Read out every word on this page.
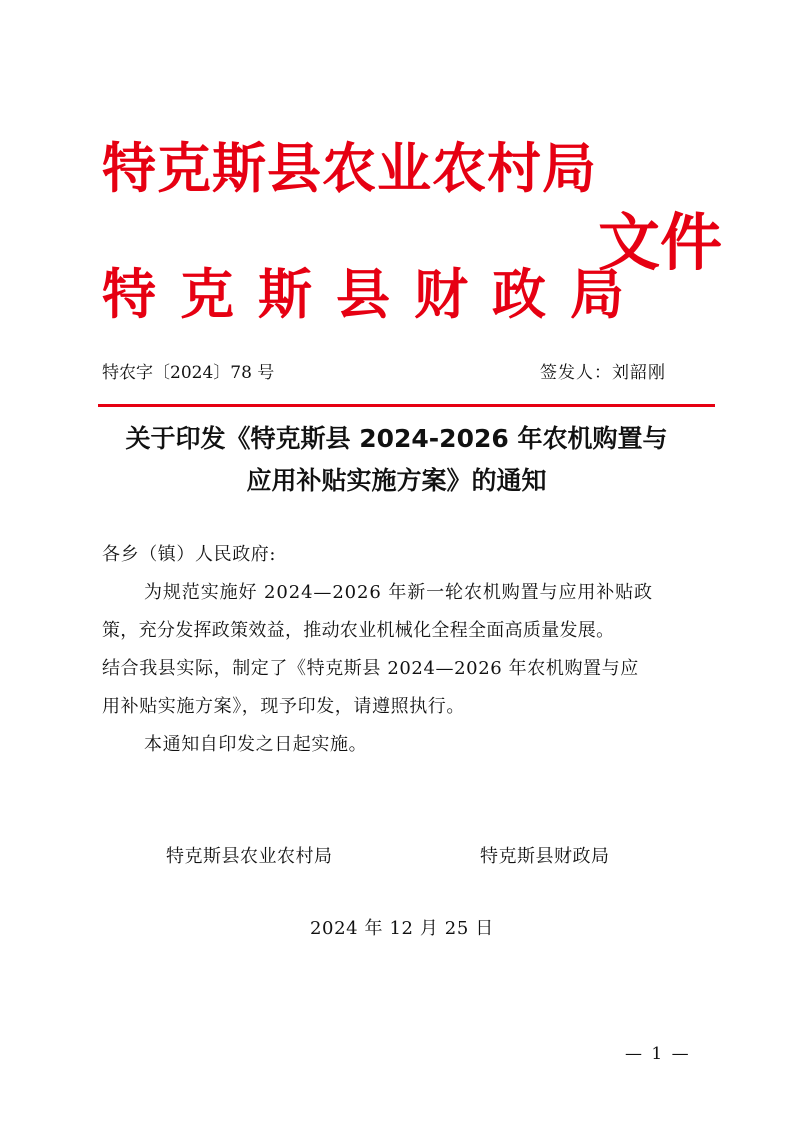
特克斯县农业农村局
特克斯县财政局
文件
特农字〔2024〕78 号	签发人：刘韶刚
关于印发《特克斯县 2024-2026 年农机购置与
应用补贴实施方案》的通知
各乡（镇）人民政府:
为规范实施好 2024—2026 年新一轮农机购置与应用补贴政
策，充分发挥政策效益，推动农业机械化全程全面高质量发展。
结合我县实际，制定了《特克斯县 2024—2026 年农机购置与应
用补贴实施方案》，现予印发，请遵照执行。
本通知自印发之日起实施。
特克斯县农业农村局	特克斯县财政局
2024 年 12 月 25 日
— 1 —
